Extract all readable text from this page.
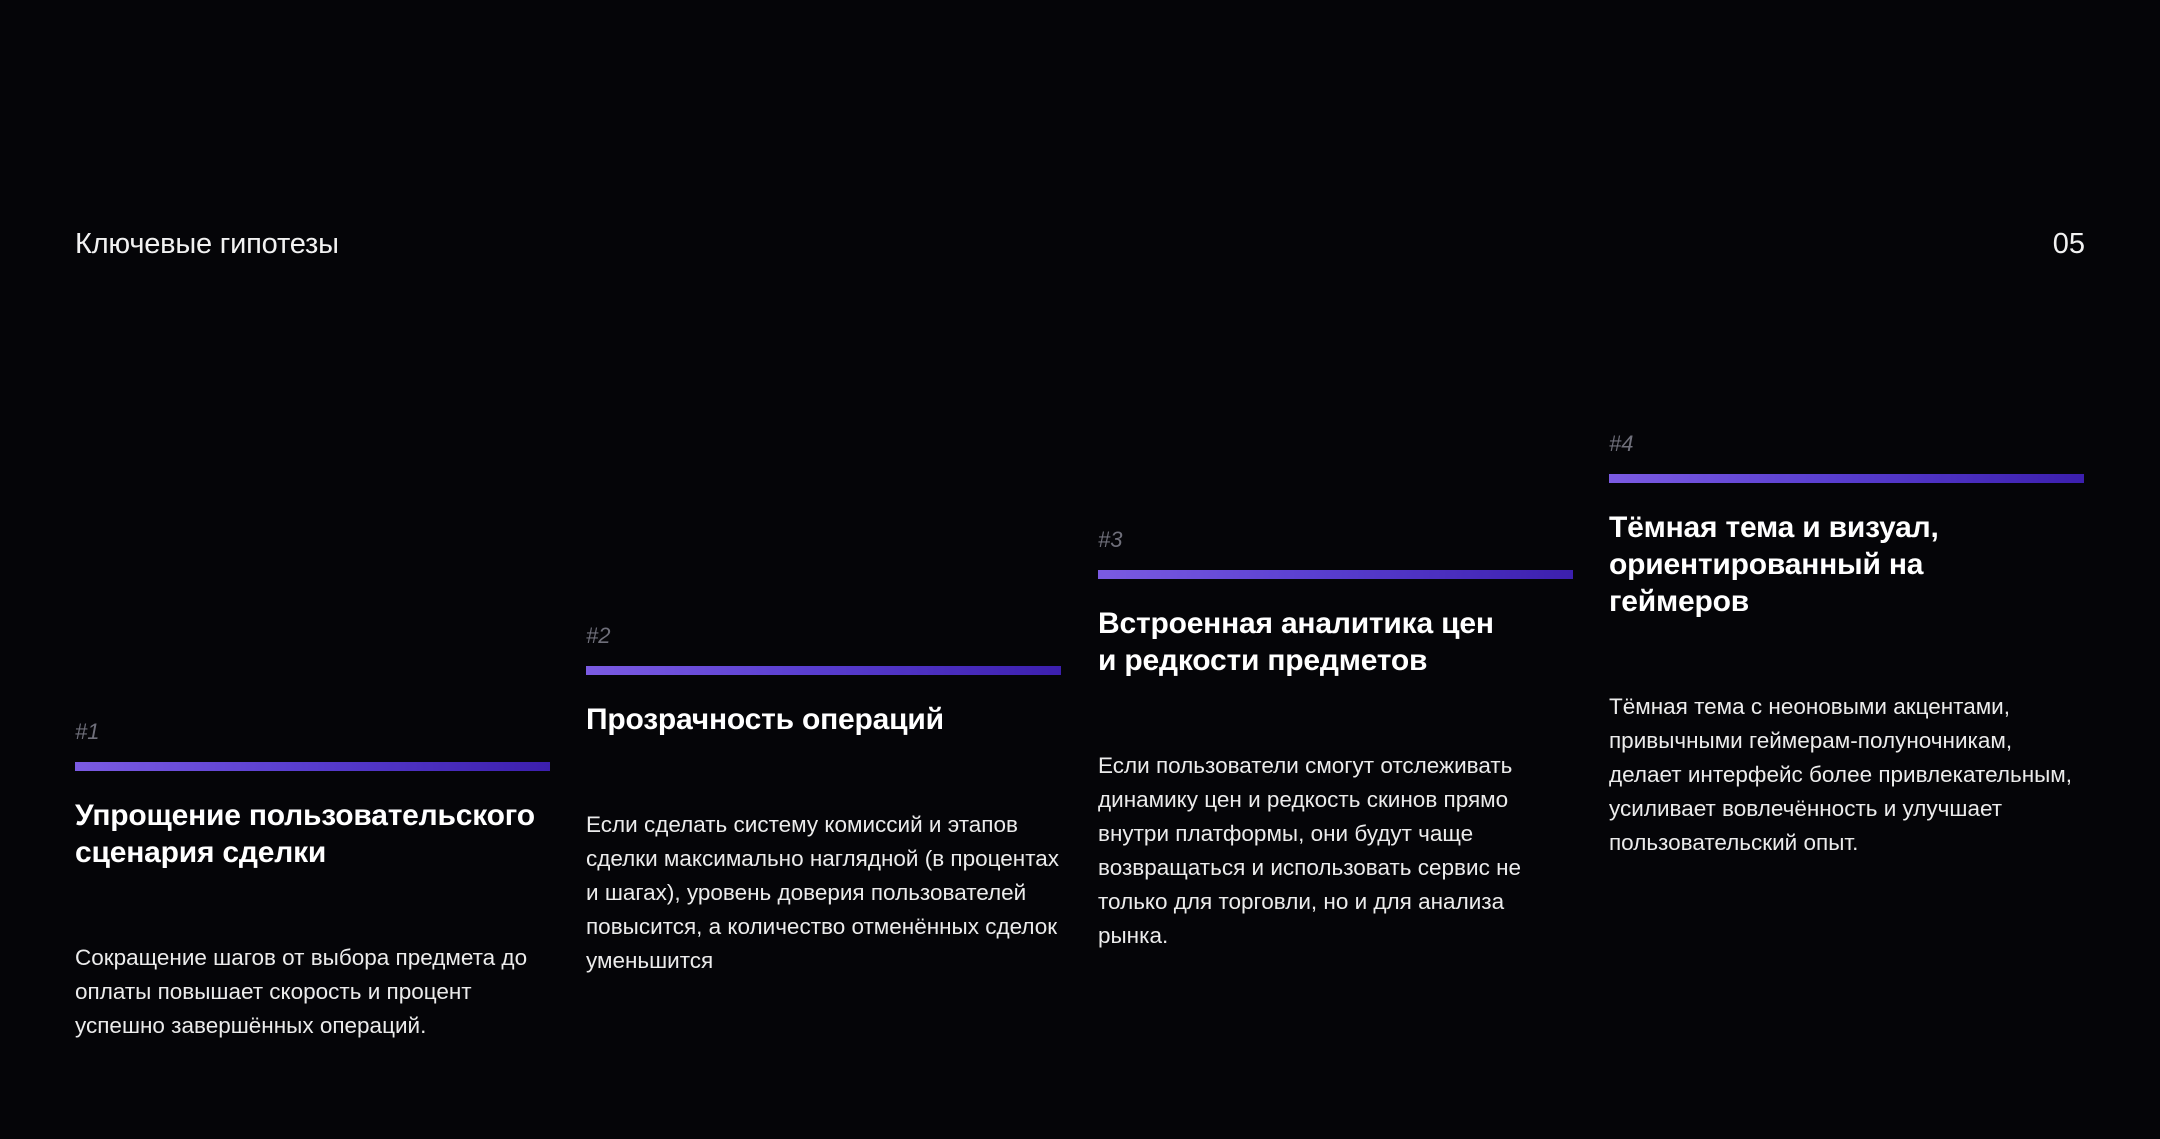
Ключевые гипотезы	05
#1
Упрощение пользовательского сценария сделки
Сокращение шагов от выбора предмета до оплаты повышает скорость и процент успешно завершённых операций.
#2
Прозрачность операций
Если сделать систему комиссий и этапов сделки максимально наглядной (в процентах и шагах), уровень доверия пользователей повысится, а количество отменённых сделок уменьшится
#3
Встроенная аналитика цен и редкости предметов
Если пользователи смогут отслеживать динамику цен и редкость скинов прямо внутри платформы, они будут чаще возвращаться и использовать сервис не только для торговли, но и для анализа рынка.
#4
Тёмная тема и визуал, ориентированный на геймеров
Тёмная тема с неоновыми акцентами, привычными геймерам-полуночникам, делает интерфейс более привлекательным, усиливает вовлечённость и улучшает пользовательский опыт.
